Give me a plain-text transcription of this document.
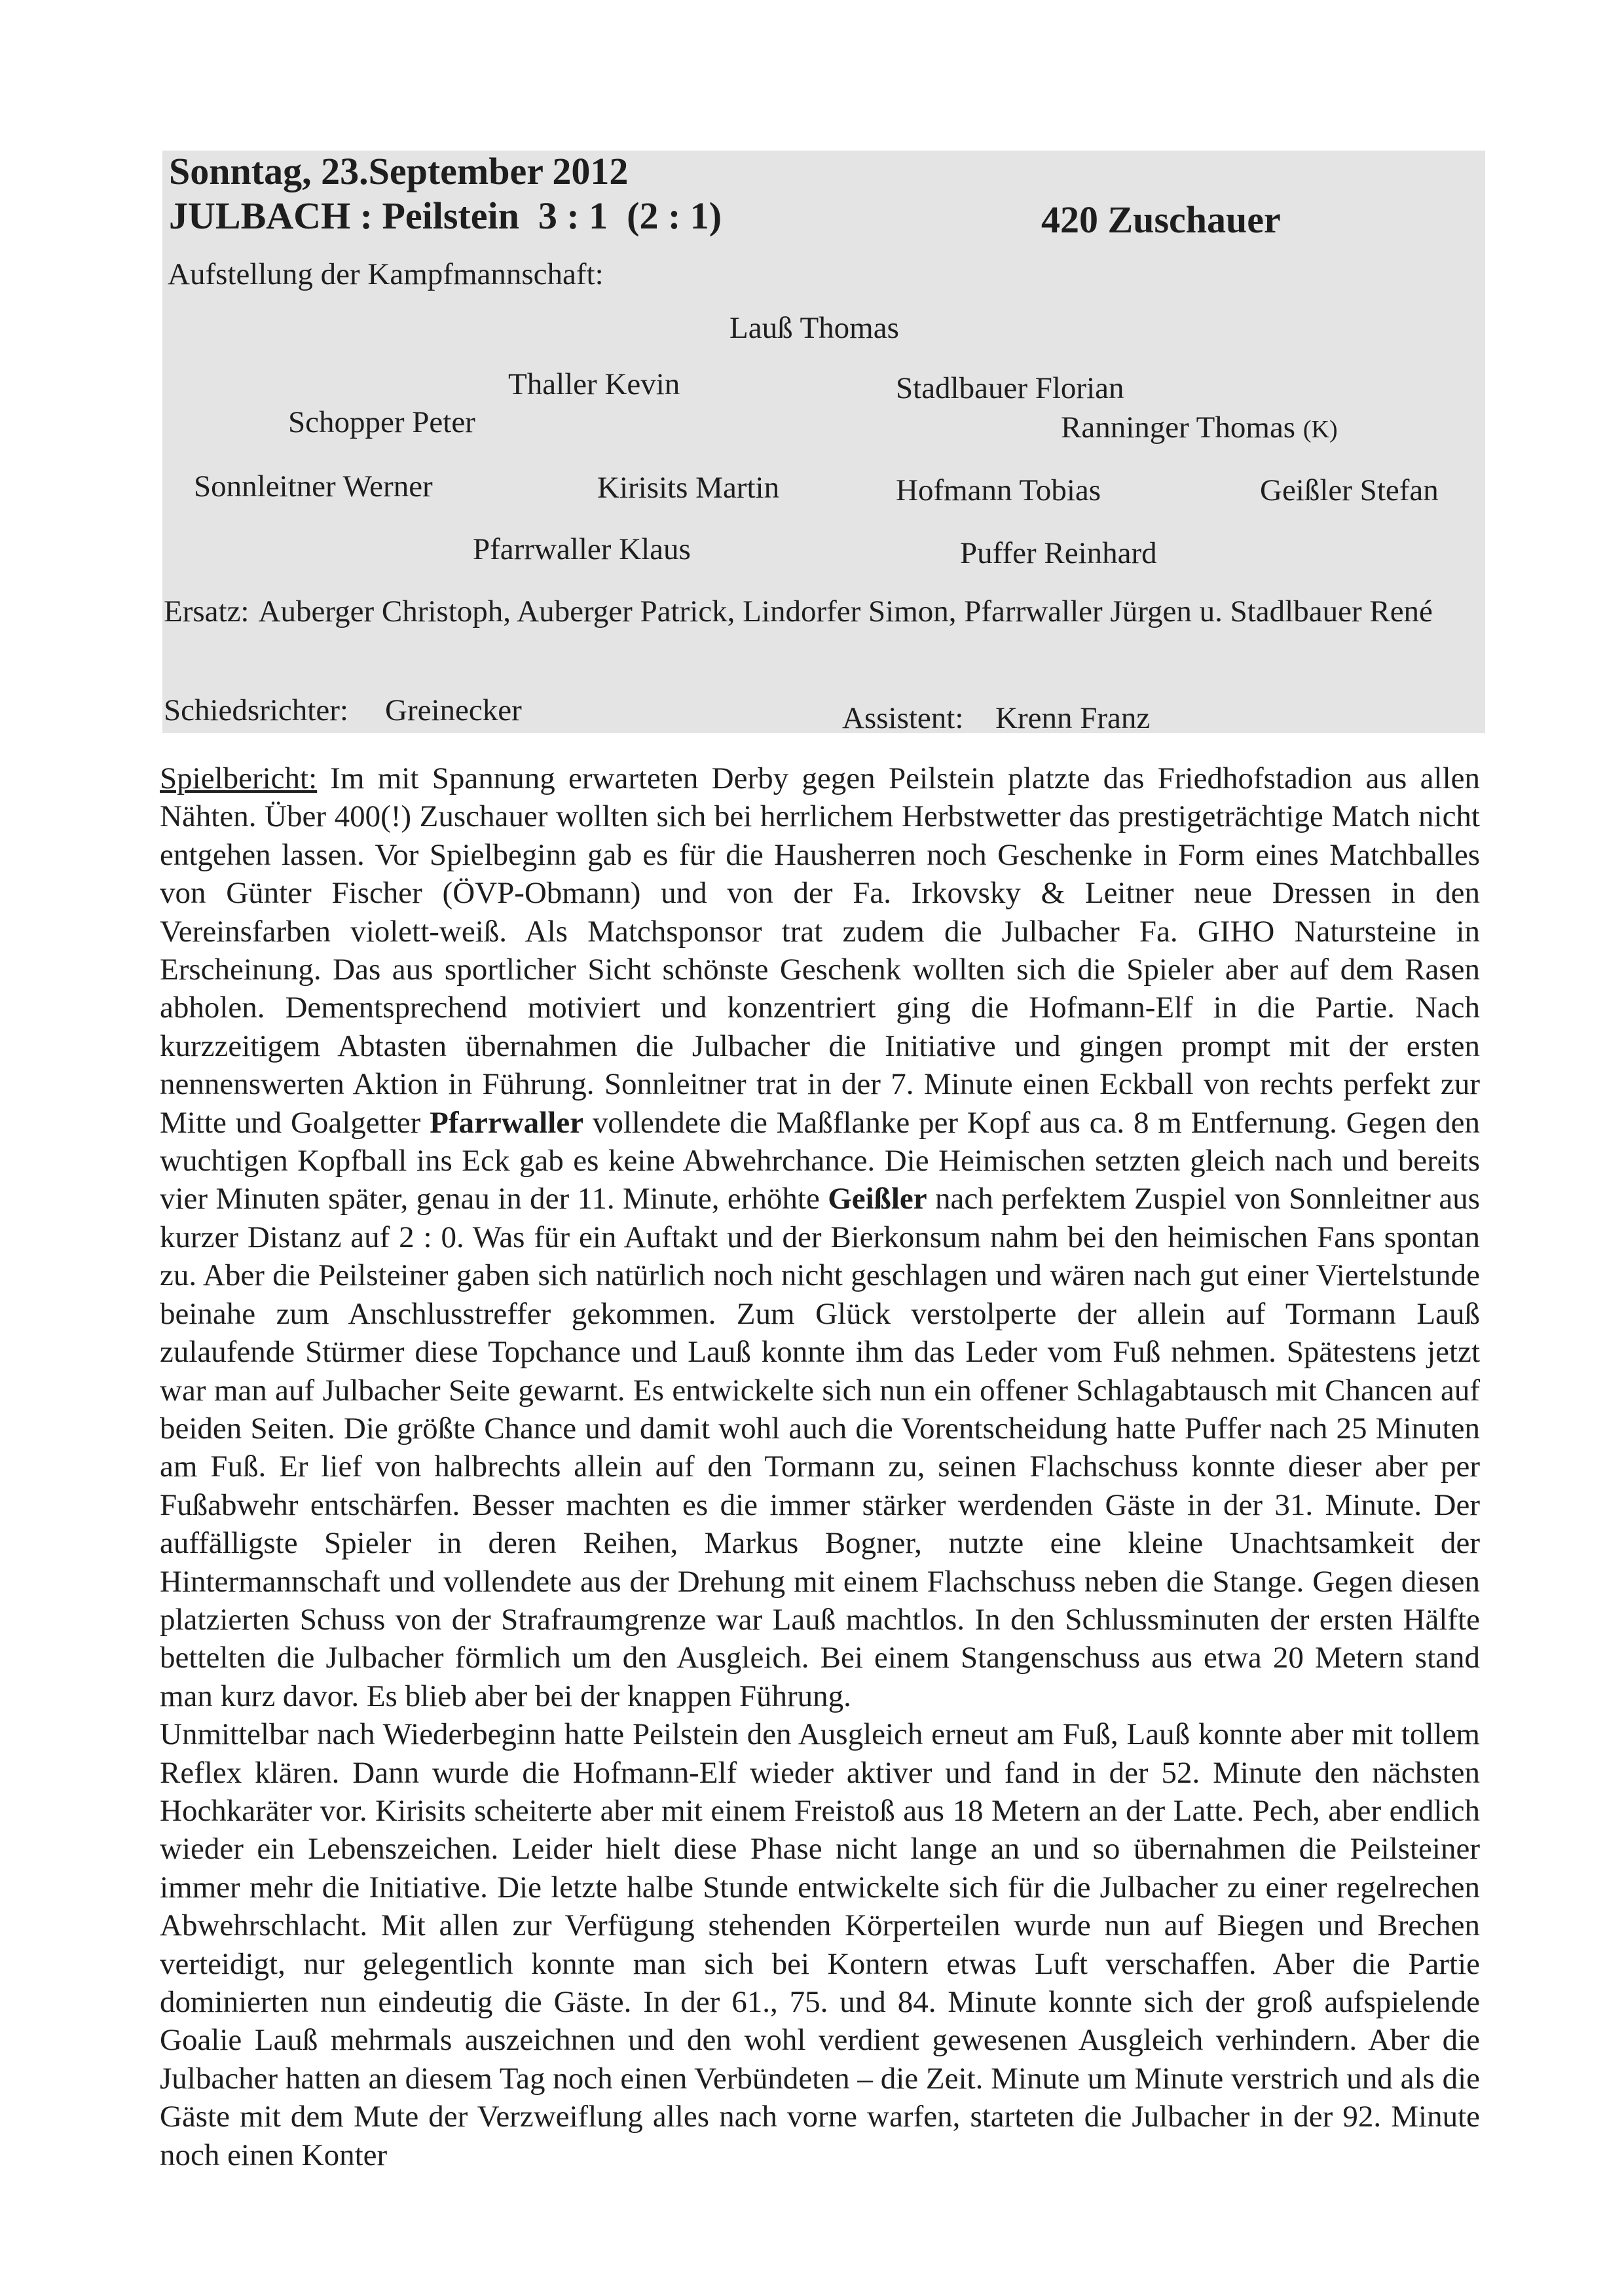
Sonntag, 23.September 2012
JULBACH : Peilstein  3 : 1  (2 : 1)	420 Zuschauer
Aufstellung der Kampfmannschaft:
Lauß Thomas
Thaller Kevin	Stadlbauer Florian
Schopper Peter	Ranninger Thomas (K)
Sonnleitner Werner	Kirisits Martin	Hofmann Tobias	Geißler Stefan
Pfarrwaller Klaus	Puffer Reinhard
Ersatz: Auberger Christoph, Auberger Patrick, Lindorfer Simon, Pfarrwaller Jürgen u. Stadlbauer René
Schiedsrichter: Greinecker	Assistent: Krenn Franz
Spielbericht: Im mit Spannung erwarteten Derby gegen Peilstein platzte das Friedhofstadion aus allen Nähten. Über 400(!) Zuschauer wollten sich bei herrlichem Herbstwetter das prestigeträchtige Match nicht entgehen lassen. Vor Spielbeginn gab es für die Hausherren noch Geschenke in Form eines Matchballes von Günter Fischer (ÖVP-Obmann) und von der Fa. Irkovsky & Leitner neue Dressen in den Vereinsfarben violett-weiß. Als Matchsponsor trat zudem die Julbacher Fa. GIHO Natursteine in Erscheinung. Das aus sportlicher Sicht schönste Geschenk wollten sich die Spieler aber auf dem Rasen abholen. Dementsprechend motiviert und konzentriert ging die Hofmann-Elf in die Partie. Nach kurzzeitigem Abtasten übernahmen die Julbacher die Initiative und gingen prompt mit der ersten nennenswerten Aktion in Führung. Sonnleitner trat in der 7. Minute einen Eckball von rechts perfekt zur Mitte und Goalgetter Pfarrwaller vollendete die Maßflanke per Kopf aus ca. 8 m Entfernung. Gegen den wuchtigen Kopfball ins Eck gab es keine Abwehrchance. Die Heimischen setzten gleich nach und bereits vier Minuten später, genau in der 11. Minute, erhöhte Geißler nach perfektem Zuspiel von Sonnleitner aus kurzer Distanz auf 2 : 0. Was für ein Auftakt und der Bierkonsum nahm bei den heimischen Fans spontan zu. Aber die Peilsteiner gaben sich natürlich noch nicht geschlagen und wären nach gut einer Viertelstunde beinahe zum Anschlusstreffer gekommen. Zum Glück verstolperte der allein auf Tormann Lauß zulaufende Stürmer diese Topchance und Lauß konnte ihm das Leder vom Fuß nehmen. Spätestens jetzt war man auf Julbacher Seite gewarnt. Es entwickelte sich nun ein offener Schlagabtausch mit Chancen auf beiden Seiten. Die größte Chance und damit wohl auch die Vorentscheidung hatte Puffer nach 25 Minuten am Fuß. Er lief von halbrechts allein auf den Tormann zu, seinen Flachschuss konnte dieser aber per Fußabwehr entschärfen. Besser machten es die immer stärker werdenden Gäste in der 31. Minute. Der auffälligste Spieler in deren Reihen, Markus Bogner, nutzte eine kleine Unachtsamkeit der Hintermannschaft und vollendete aus der Drehung mit einem Flachschuss neben die Stange. Gegen diesen platzierten Schuss von der Strafraumgrenze war Lauß machtlos. In den Schlussminuten der ersten Hälfte bettelten die Julbacher förmlich um den Ausgleich. Bei einem Stangenschuss aus etwa 20 Metern stand man kurz davor. Es blieb aber bei der knappen Führung.
Unmittelbar nach Wiederbeginn hatte Peilstein den Ausgleich erneut am Fuß, Lauß konnte aber mit tollem Reflex klären. Dann wurde die Hofmann-Elf wieder aktiver und fand in der 52. Minute den nächsten Hochkaräter vor. Kirisits scheiterte aber mit einem Freistoß aus 18 Metern an der Latte. Pech, aber endlich wieder ein Lebenszeichen. Leider hielt diese Phase nicht lange an und so übernahmen die Peilsteiner immer mehr die Initiative. Die letzte halbe Stunde entwickelte sich für die Julbacher zu einer regelrechen Abwehrschlacht. Mit allen zur Verfügung stehenden Körperteilen wurde nun auf Biegen und Brechen verteidigt, nur gelegentlich konnte man sich bei Kontern etwas Luft verschaffen. Aber die Partie dominierten nun eindeutig die Gäste. In der 61., 75. und 84. Minute konnte sich der groß aufspielende Goalie Lauß mehrmals auszeichnen und den wohl verdient gewesenen Ausgleich verhindern. Aber die Julbacher hatten an diesem Tag noch einen Verbündeten – die Zeit. Minute um Minute verstrich und als die Gäste mit dem Mute der Verzweiflung alles nach vorne warfen, starteten die Julbacher in der 92. Minute noch einen Konter
